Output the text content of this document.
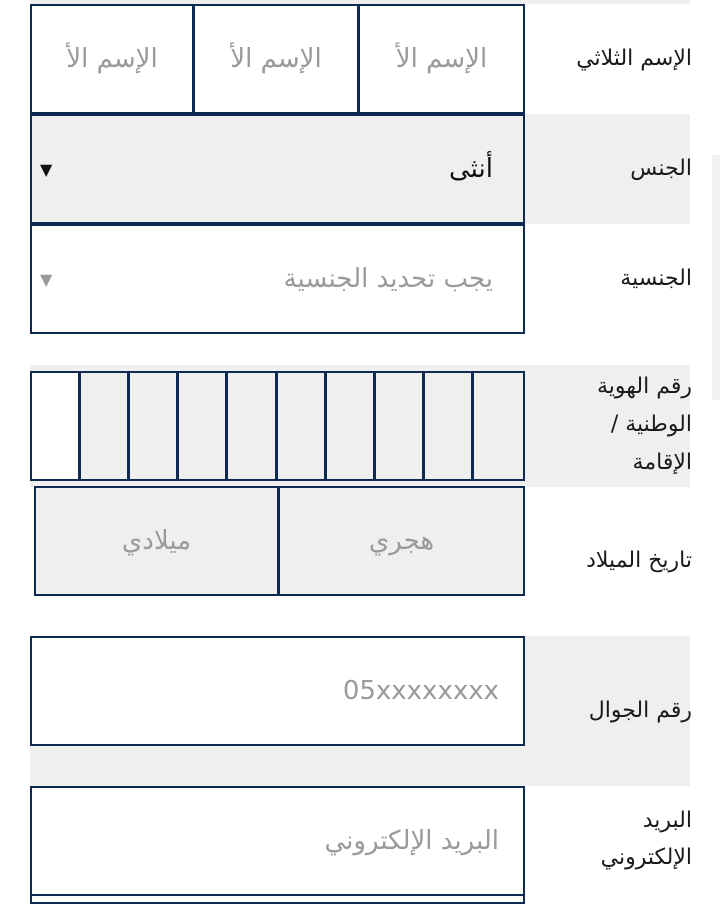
الإسم الثلاثي
الإسم الأ
الإسم الأ
الإسم الأ
الجنس
أنثى
▼
الجنسية
يجب تحديد الجنسية
▼
رقم الهوية
الوطنية /
الإقامة
تاريخ الميلاد
هجري
ميلادي
رقم الجوال
05xxxxxxxx
البريد
الإلكتروني
البريد الإلكتروني
